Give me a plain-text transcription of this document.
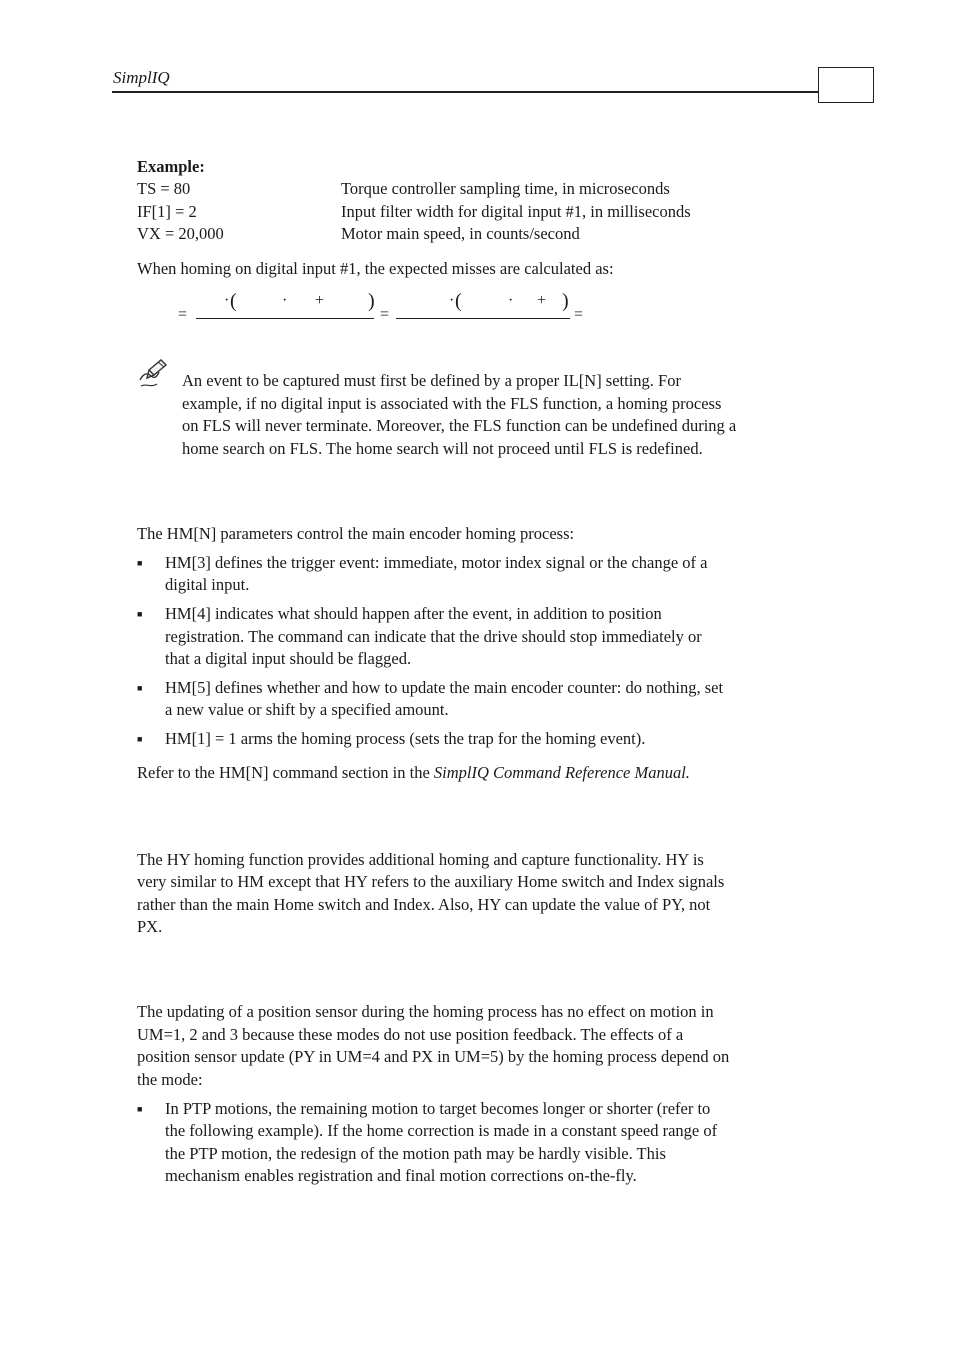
SimplIQ
Example:
TS = 80	Torque controller sampling time, in microseconds
IF[1] = 2	Input filter width for digital input #1, in milliseconds
VX = 20,000	Motor main speed, in counts/second
When homing on digital input #1, the expected misses are calculated as:
=
· (	· + )
=
· (	· + )
=
An event to be captured must first be defined by a proper IL[N] setting. For
example, if no digital input is associated with the FLS function, a homing process
on FLS will never terminate. Moreover, the FLS function can be undefined during a
home search on FLS. The home search will not proceed until FLS is redefined.
The HM[N] parameters control the main encoder homing process:
■ HM[3] defines the trigger event: immediate, motor index signal or the change of a
digital input.
■ HM[4] indicates what should happen after the event, in addition to position
registration. The command can indicate that the drive should stop immediately or
that a digital input should be flagged.
■ HM[5] defines whether and how to update the main encoder counter: do nothing, set
a new value or shift by a specified amount.
■ HM[1] = 1 arms the homing process (sets the trap for the homing event).
Refer to the HM[N] command section in the SimplIQ Command Reference Manual.
The HY homing function provides additional homing and capture functionality. HY is
very similar to HM except that HY refers to the auxiliary Home switch and Index signals
rather than the main Home switch and Index. Also, HY can update the value of PY, not
PX.
The updating of a position sensor during the homing process has no effect on motion in
UM=1, 2 and 3 because these modes do not use position feedback. The effects of a
position sensor update (PY in UM=4 and PX in UM=5) by the homing process depend on
the mode:
■ In PTP motions, the remaining motion to target becomes longer or shorter (refer to
the following example). If the home correction is made in a constant speed range of
the PTP motion, the redesign of the motion path may be hardly visible. This
mechanism enables registration and final motion corrections on-the-fly.
